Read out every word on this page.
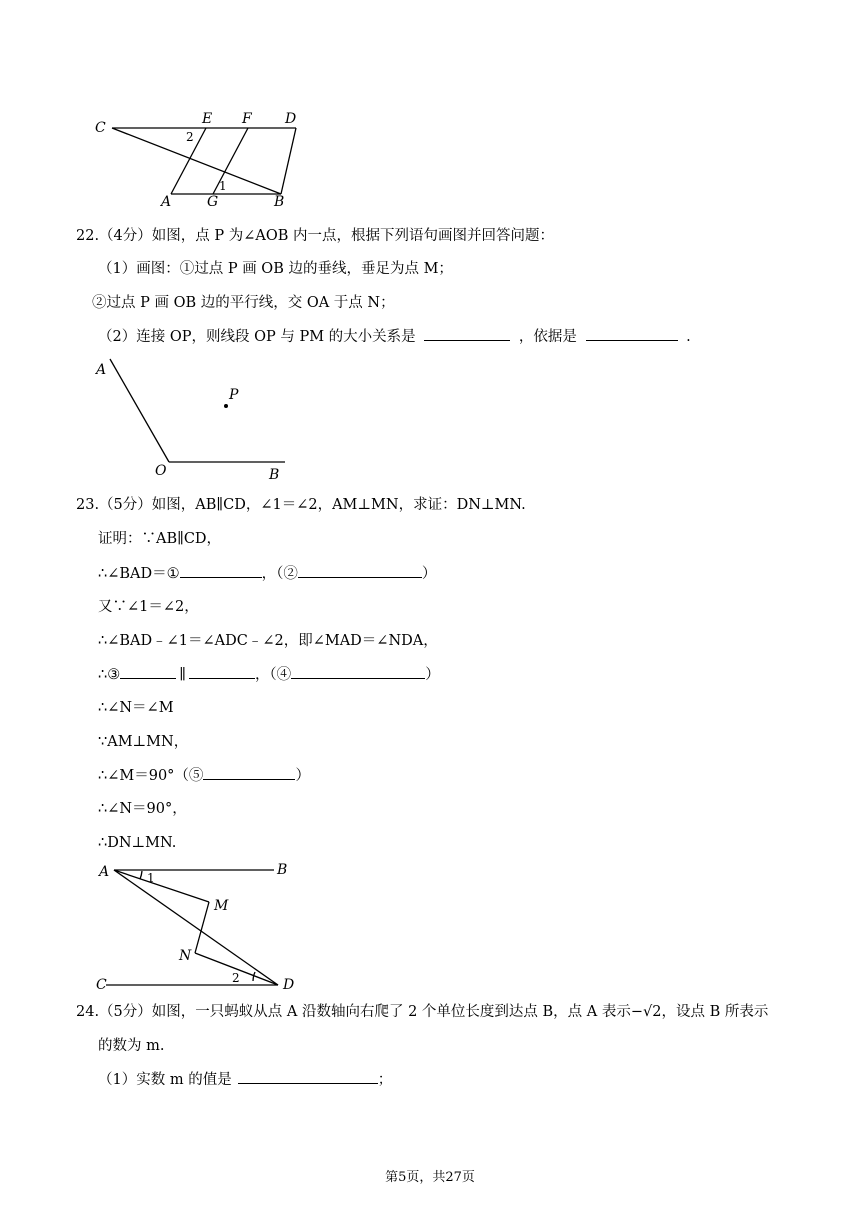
C
E F D
A	G	B
2
1
22.（4分）如图，点 P 为∠AOB 内一点，根据下列语句画图并回答问题：
（1）画图：①过点 P 画 OB 边的垂线，垂足为点 M；
②过点 P 画 OB 边的平行线，交 OA 于点 N；
（2）连接 OP，则线段 OP 与 PM 的大小关系是	，依据是	.
A
P
O	B
23.（5分）如图，AB∥CD，∠1＝∠2，AM⊥MN，求证：DN⊥MN.
证明：∵AB∥CD，
∴∠BAD＝①	，（②	）
又∵∠1＝∠2，
∴∠BAD﹣∠1＝∠ADC﹣∠2，即∠MAD＝∠NDA，
∴③	∥	，（④	）
∴∠N＝∠M
∵AM⊥MN，
∴∠M＝90°（⑤	）
∴∠N＝90°，
∴DN⊥MN.
A	B
M
N
C	D
1
2
24.（5分）如图，一只蚂蚁从点 A 沿数轴向右爬了 2 个单位长度到达点 B，点 A 表示−√2，设点 B 所表示
的数为 m.
（1）实数 m 的值是	；
第5页，共27页
